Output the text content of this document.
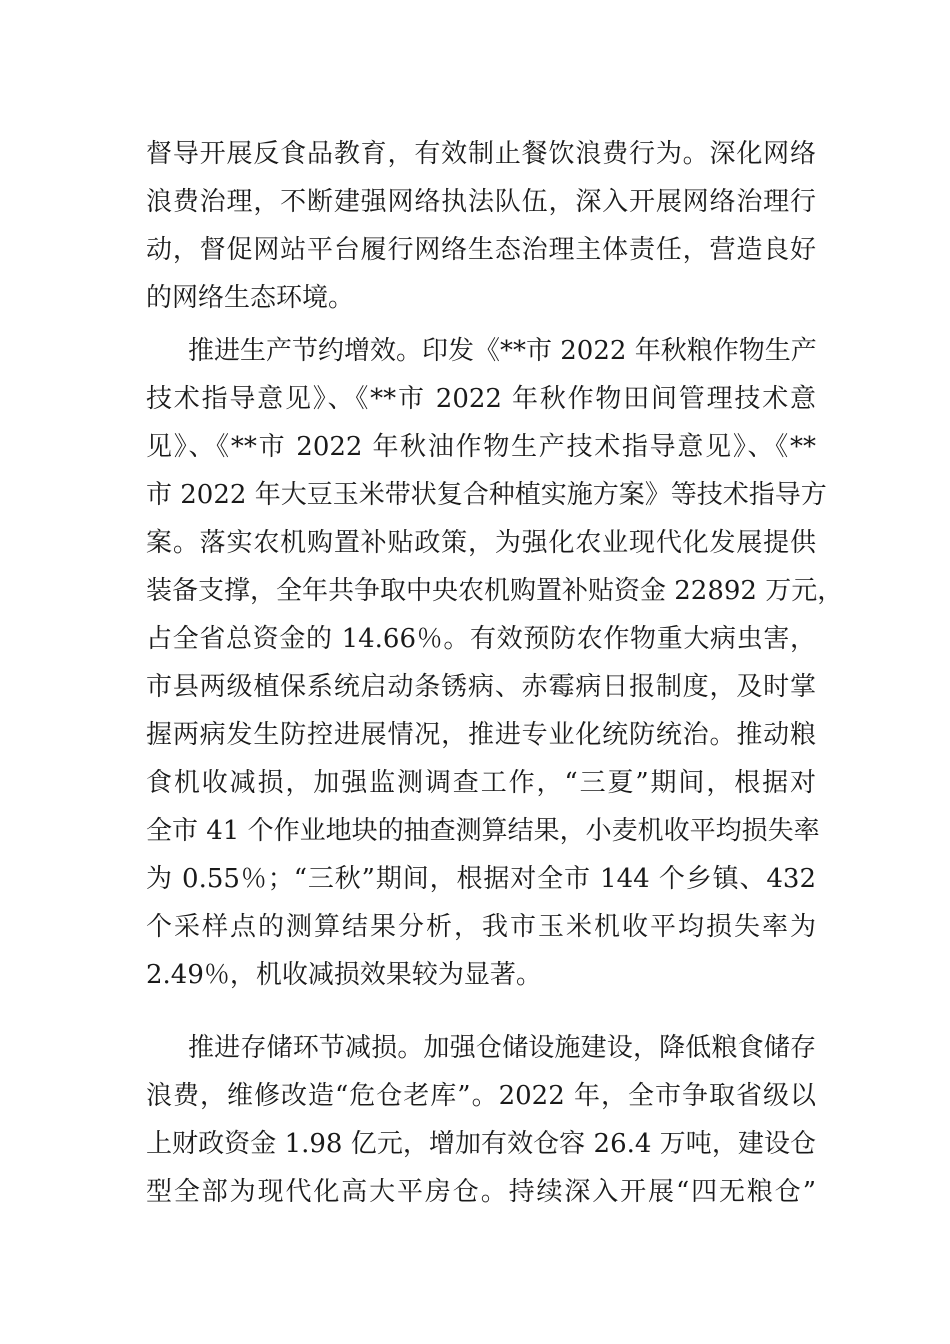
督导开展反食品教育，有效制止餐饮浪费行为。深化网络
浪费治理，不断建强网络执法队伍，深入开展网络治理行
动，督促网站平台履行网络生态治理主体责任，营造良好
的网络生态环境。
推进生产节约增效。印发《**市 2022 年秋粮作物生产
技术指导意见》、《**市 2022 年秋作物田间管理技术意
见》、《**市 2022 年秋油作物生产技术指导意见》、《**
市 2022 年大豆玉米带状复合种植实施方案》等技术指导方
案。落实农机购置补贴政策，为强化农业现代化发展提供
装备支撑，全年共争取中央农机购置补贴资金 22892 万元，
占全省总资金的 14.66％。有效预防农作物重大病虫害，
市县两级植保系统启动条锈病、赤霉病日报制度，及时掌
握两病发生防控进展情况，推进专业化统防统治。推动粮
食机收减损，加强监测调查工作，“三夏”期间，根据对
全市 41 个作业地块的抽查测算结果，小麦机收平均损失率
为 0.55％；“三秋”期间，根据对全市 144 个乡镇、432
个采样点的测算结果分析，我市玉米机收平均损失率为
2.49％，机收减损效果较为显著。
推进存储环节减损。加强仓储设施建设，降低粮食储存
浪费，维修改造“危仓老库”。2022 年，全市争取省级以
上财政资金 1.98 亿元，增加有效仓容 26.4 万吨，建设仓
型全部为现代化高大平房仓。持续深入开展“四无粮仓”
